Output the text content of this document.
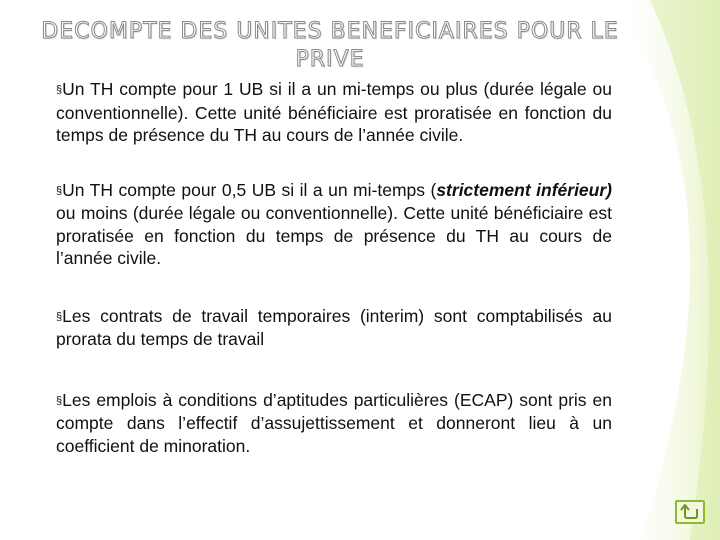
DECOMPTE DES UNITES BENEFICIAIRES POUR LE PRIVE

§Un TH compte pour 1 UB si il a un mi-temps ou plus (durée légale ou conventionnelle). Cette unité bénéficiaire est proratisée en fonction du temps de présence du TH au cours de l’année civile.

§Un TH compte pour 0,5 UB si il a un mi-temps (strictement inférieur) ou moins (durée légale ou conventionnelle). Cette unité bénéficiaire est proratisée en fonction du temps de présence du TH au cours de l’année civile.

§Les contrats de travail temporaires (interim) sont comptabilisés au prorata du temps de travail

§Les emplois à conditions d’aptitudes particulières (ECAP) sont pris en compte dans l’effectif d’assujettissement et donneront lieu à un coefficient de minoration.
